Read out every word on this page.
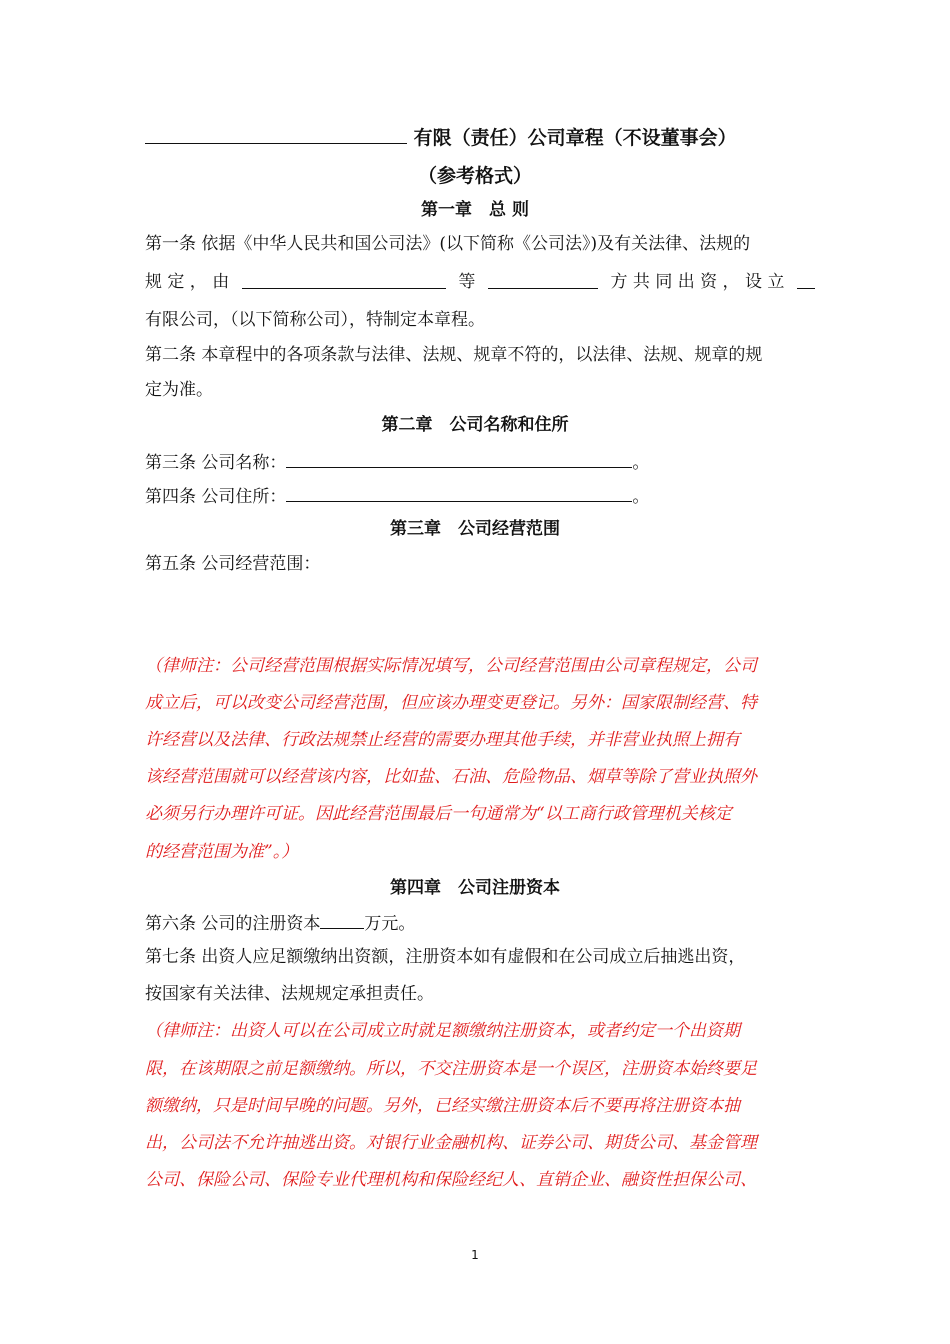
有限（责任）公司章程（不设董事会）
（参考格式）
第一章　总 则
第一条 依据《中华人民共和国公司法》(以下简称《公司法》)及有关法律、法规的
规 定 ， 由	等	方 共 同 出 资 ， 设 立
有限公司，（以下简称公司），特制定本章程。
第二条 本章程中的各项条款与法律、法规、规章不符的，以法律、法规、规章的规
定为准。
第二章　公司名称和住所
第三条 公司名称：	。
第四条 公司住所：	。
第三章　公司经营范围
第五条 公司经营范围：
（律师注：公司经营范围根据实际情况填写，公司经营范围由公司章程规定，公司
成立后，可以改变公司经营范围，但应该办理变更登记。另外：国家限制经营、特
许经营以及法律、行政法规禁止经营的需要办理其他手续，并非营业执照上拥有
该经营范围就可以经营该内容，比如盐、石油、危险物品、烟草等除了营业执照外
必须另行办理许可证。因此经营范围最后一句通常为“以工商行政管理机关核定
的经营范围为准”。）
第四章　公司注册资本
第六条 公司的注册资本	万元。
第七条 出资人应足额缴纳出资额，注册资本如有虚假和在公司成立后抽逃出资，
按国家有关法律、法规规定承担责任。
（律师注：出资人可以在公司成立时就足额缴纳注册资本，或者约定一个出资期
限，在该期限之前足额缴纳。所以，不交注册资本是一个误区，注册资本始终要足
额缴纳，只是时间早晚的问题。另外，已经实缴注册资本后不要再将注册资本抽
出，公司法不允许抽逃出资。对银行业金融机构、证券公司、期货公司、基金管理
公司、保险公司、保险专业代理机构和保险经纪人、直销企业、融资性担保公司、
1
